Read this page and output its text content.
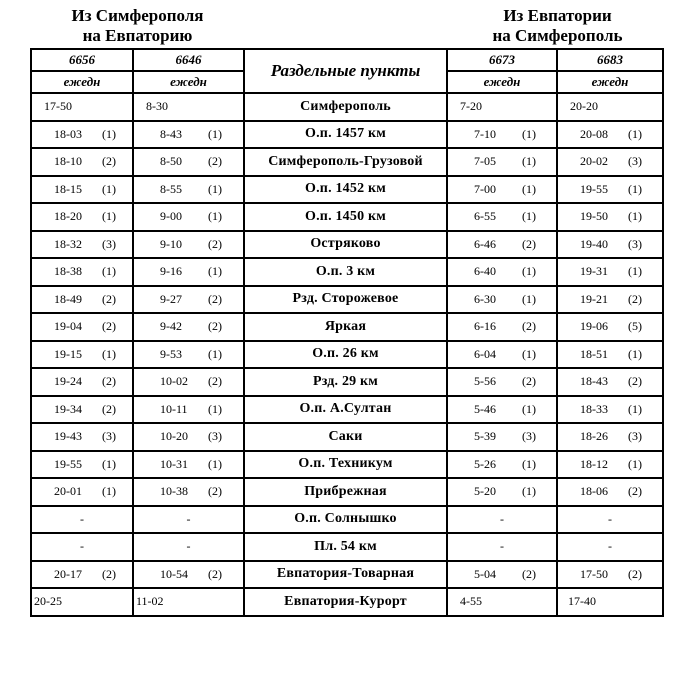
Из Симферополя
на Евпаторию
Из Евпатории
на Симферополь
6656	6646	Раздельные пункты	6673	6683
ежедн	ежедн		ежедн	ежедн
17-50	8-30	Симферополь	7-20	20-20
18-03 (1)	8-43 (1)	О.п. 1457 км	7-10 (1)	20-08 (1)
18-10 (2)	8-50 (2)	Симферополь-Грузовой	7-05 (1)	20-02 (3)
18-15 (1)	8-55 (1)	О.п. 1452 км	7-00 (1)	19-55 (1)
18-20 (1)	9-00 (1)	О.п. 1450 км	6-55 (1)	19-50 (1)
18-32 (3)	9-10 (2)	Остряково	6-46 (2)	19-40 (3)
18-38 (1)	9-16 (1)	О.п. 3 км	6-40 (1)	19-31 (1)
18-49 (2)	9-27 (2)	Рзд. Сторожевое	6-30 (1)	19-21 (2)
19-04 (2)	9-42 (2)	Яркая	6-16 (2)	19-06 (5)
19-15 (1)	9-53 (1)	О.п. 26 км	6-04 (1)	18-51 (1)
19-24 (2)	10-02 (2)	Рзд. 29 км	5-56 (2)	18-43 (2)
19-34 (2)	10-11 (1)	О.п. А.Султан	5-46 (1)	18-33 (1)
19-43 (3)	10-20 (3)	Саки	5-39 (3)	18-26 (3)
19-55 (1)	10-31 (1)	О.п. Техникум	5-26 (1)	18-12 (1)
20-01 (1)	10-38 (2)	Прибрежная	5-20 (1)	18-06 (2)
-	-	О.п. Солнышко	-	-
-	-	Пл. 54 км	-	-
20-17 (2)	10-54 (2)	Евпатория-Товарная	5-04 (2)	17-50 (2)
20-25	11-02	Евпатория-Курорт	4-55	17-40
